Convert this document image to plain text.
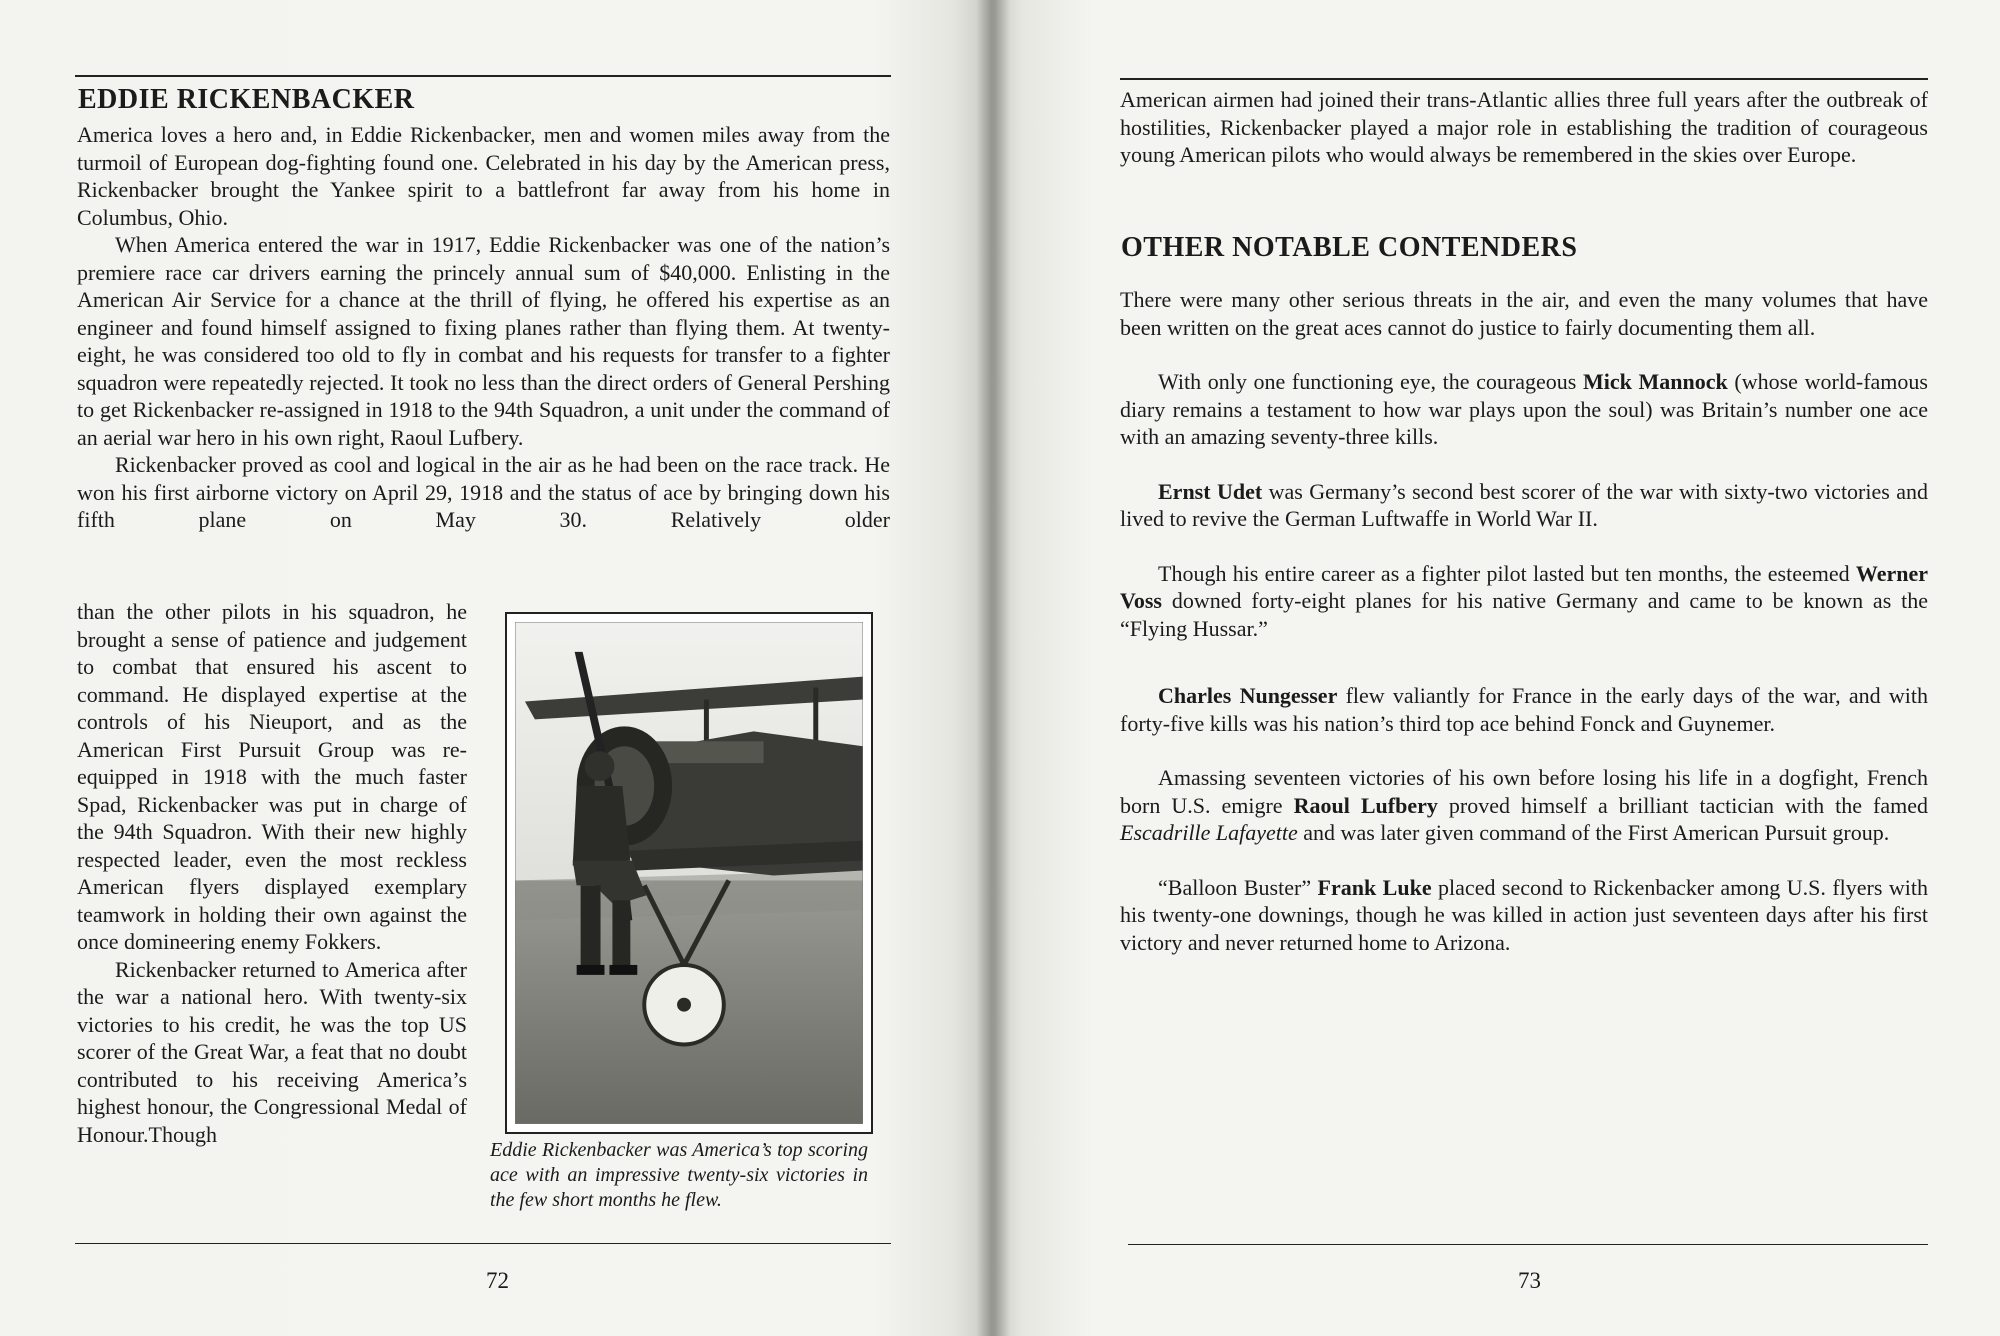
EDDIE RICKENBACKER

America loves a hero and, in Eddie Rickenbacker, men and women miles away from the turmoil of European dog-fighting found one. Celebrated in his day by the American press, Rickenbacker brought the Yankee spirit to a battlefront far away from his home in Columbus, Ohio.

When America entered the war in 1917, Eddie Rickenbacker was one of the nation’s premiere race car drivers earning the princely annual sum of $40,000. Enlisting in the American Air Service for a chance at the thrill of flying, he offered his expertise as an engineer and found himself assigned to fixing planes rather than flying them. At twenty-eight, he was considered too old to fly in combat and his requests for transfer to a fighter squadron were repeatedly rejected. It took no less than the direct orders of General Pershing to get Rickenbacker re-assigned in 1918 to the 94th Squadron, a unit under the command of an aerial war hero in his own right, Raoul Lufbery.

Rickenbacker proved as cool and logical in the air as he had been on the race track. He won his first airborne victory on April 29, 1918 and the status of ace by bringing down his fifth plane on May 30. Relatively older

than the other pilots in his squadron, he brought a sense of patience and judgement to combat that ensured his ascent to command. He displayed expertise at the controls of his Nieuport, and as the American First Pursuit Group was re-equipped in 1918 with the much faster Spad, Rickenbacker was put in charge of the 94th Squadron. With their new highly respected leader, even the most reckless American flyers displayed exemplary teamwork in holding their own against the once domineering enemy Fokkers.

Rickenbacker returned to America after the war a national hero. With twenty-six victories to his credit, he was the top US scorer of the Great War, a feat that no doubt contributed to his receiving America’s highest honour, the Congressional Medal of Honour.Though

Eddie Rickenbacker was America’s top scoring ace with an impressive twenty-six victories in the few short months he flew.

72

American airmen had joined their trans-Atlantic allies three full years after the outbreak of hostilities, Rickenbacker played a major role in establishing the tradition of courageous young American pilots who would always be remembered in the skies over Europe.

OTHER NOTABLE CONTENDERS

There were many other serious threats in the air, and even the many volumes that have been written on the great aces cannot do justice to fairly documenting them all.

With only one functioning eye, the courageous Mick Mannock (whose world-famous diary remains a testament to how war plays upon the soul) was Britain’s number one ace with an amazing seventy-three kills.

Ernst Udet was Germany’s second best scorer of the war with sixty-two victories and lived to revive the German Luftwaffe in World War II.

Though his entire career as a fighter pilot lasted but ten months, the esteemed Werner Voss downed forty-eight planes for his native Germany and came to be known as the “Flying Hussar.”

Charles Nungesser flew valiantly for France in the early days of the war, and with forty-five kills was his nation’s third top ace behind Fonck and Guynemer.

Amassing seventeen victories of his own before losing his life in a dogfight, French born U.S. emigre Raoul Lufbery proved himself a brilliant tactician with the famed Escadrille Lafayette and was later given command of the First American Pursuit group.

“Balloon Buster” Frank Luke placed second to Rickenbacker among U.S. flyers with his twenty-one downings, though he was killed in action just seventeen days after his first victory and never returned home to Arizona.

73
